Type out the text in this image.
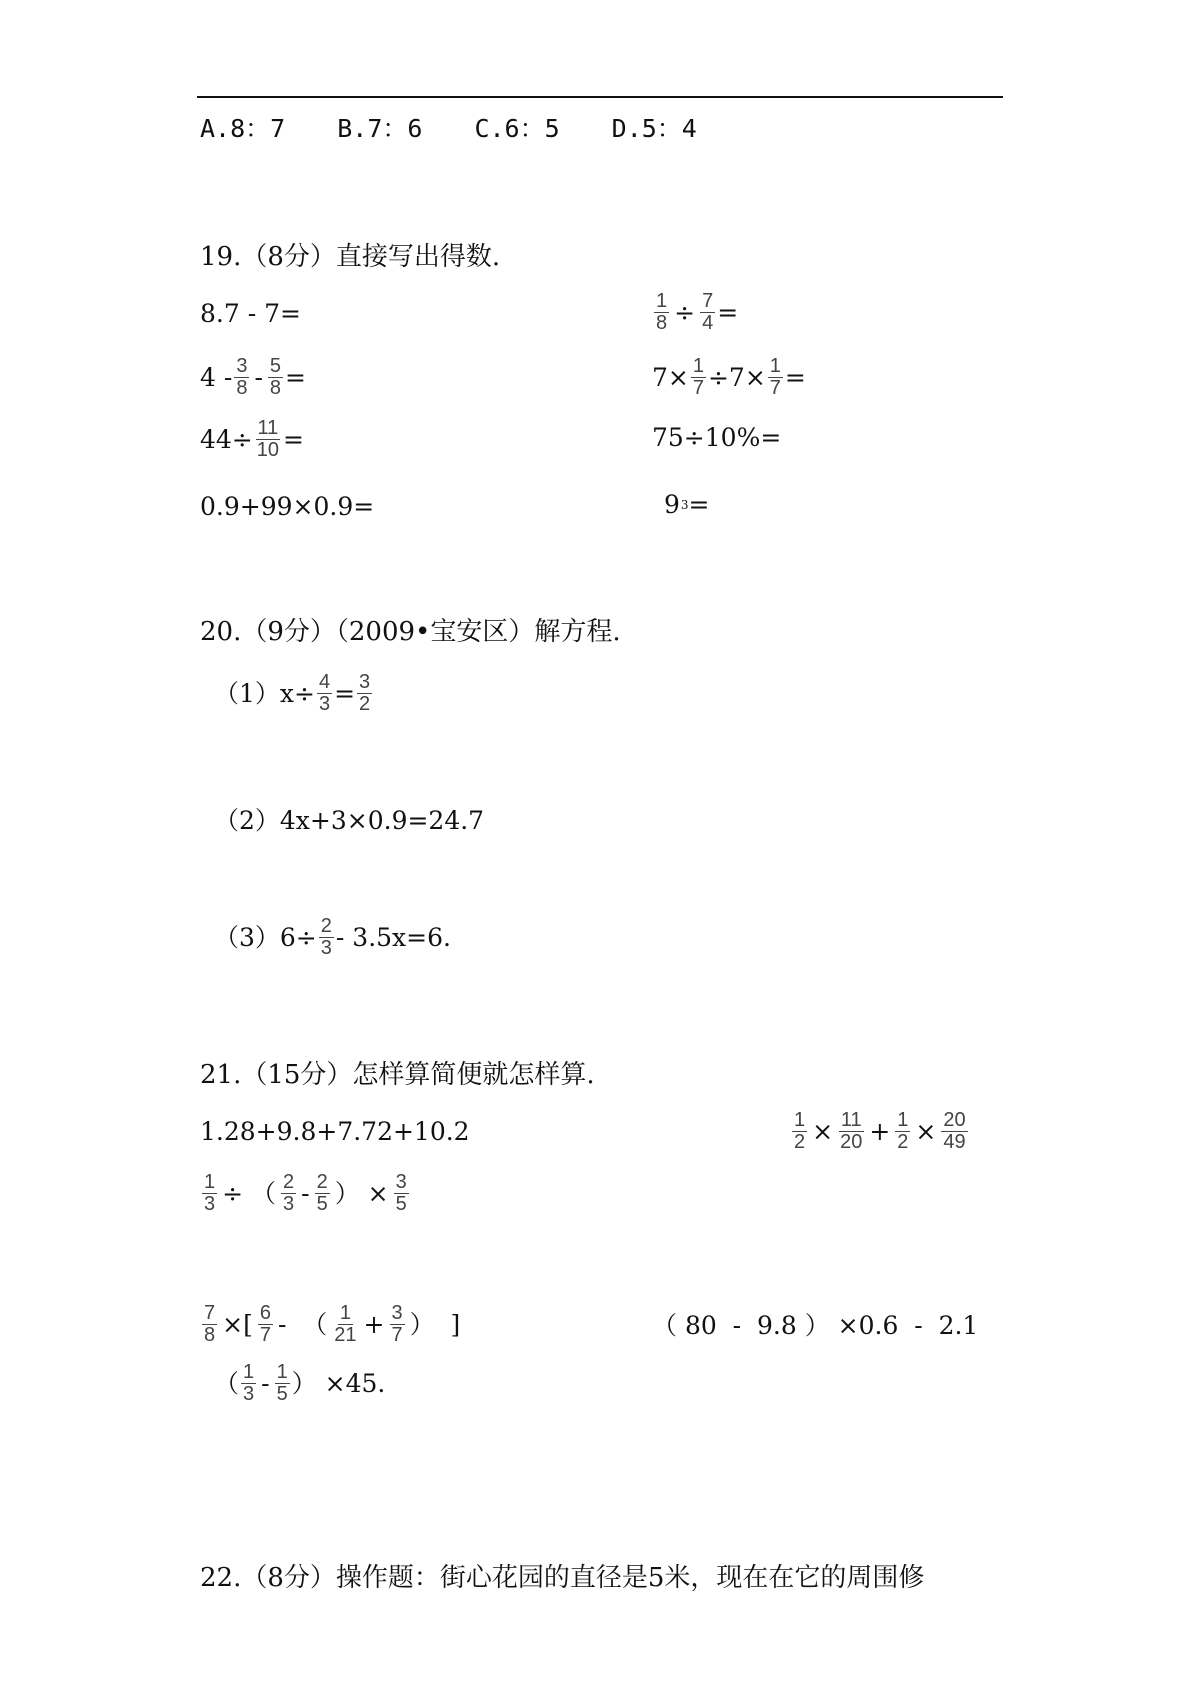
A.8：7 B.7：6 C.6：5 D.5：4
19.（8分）直接写出得数.
8.7 - 7=	$\frac{1}{8} \div \frac{7}{4}$ =
$4 - \frac{3}{8} - \frac{5}{8}$ =	$7\times \frac{1}{7} \div 7\times \frac{1}{7}$ =
$44\div \frac{11}{10}$ =	75÷10%=
0.9+99×0.9=	9 3 =
20.（9分）（2009•宝安区）解方程.
$(1)x\div \frac{4}{3} = \frac{3}{2}$
（2）4x+3×0.9=24.7
$(3)6\div \frac{2}{3} - 3.5x=6$.
21.（15分）怎样算简便就怎样算.
1.28+9.8+7.72+10.2	$\frac{1}{2} \times \frac{11}{20} + \frac{1}{2} \times \frac{20}{49}$
$\frac{1}{3}$ ÷ （ $\frac{2}{3} - \frac{2}{5}$ ） × $\frac{3}{5}$
$\frac{7}{8}$ ×[ $\frac{6}{7}$ -  （ $\frac{1}{21} + \frac{3}{7}$ ）  ]	（ 80  -  9.8 ） ×0.6  -  2.1
（ $\frac{1}{3} - \frac{1}{5}$ ） ×45.
22.（8分）操作题：街心花园的直径是5米，现在在它的周围修
